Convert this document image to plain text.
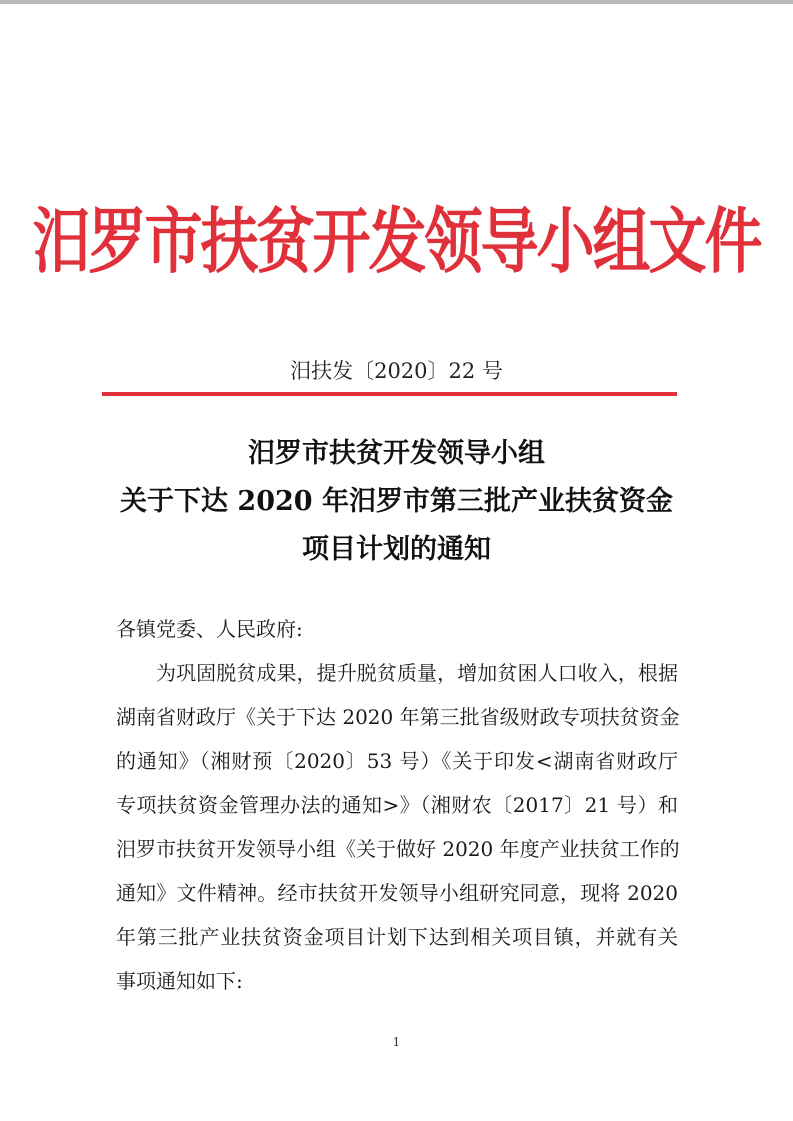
汨罗市扶贫开发领导小组文件
汨扶发〔2020〕22 号
汨罗市扶贫开发领导小组
关于下达 2020 年汨罗市第三批产业扶贫资金
项目计划的通知
各镇党委、人民政府:
为巩固脱贫成果，提升脱贫质量，增加贫困人口收入，根据
湖南省财政厅《关于下达 2020 年第三批省级财政专项扶贫资金
的通知》（湘财预〔2020〕53 号）《关于印发<湖南省财政厅
专项扶贫资金管理办法的通知>》（湘财农〔2017〕21 号）和
汨罗市扶贫开发领导小组《关于做好 2020 年度产业扶贫工作的
通知》文件精神。经市扶贫开发领导小组研究同意，现将 2020
年第三批产业扶贫资金项目计划下达到相关项目镇，并就有关
事项通知如下:
1
